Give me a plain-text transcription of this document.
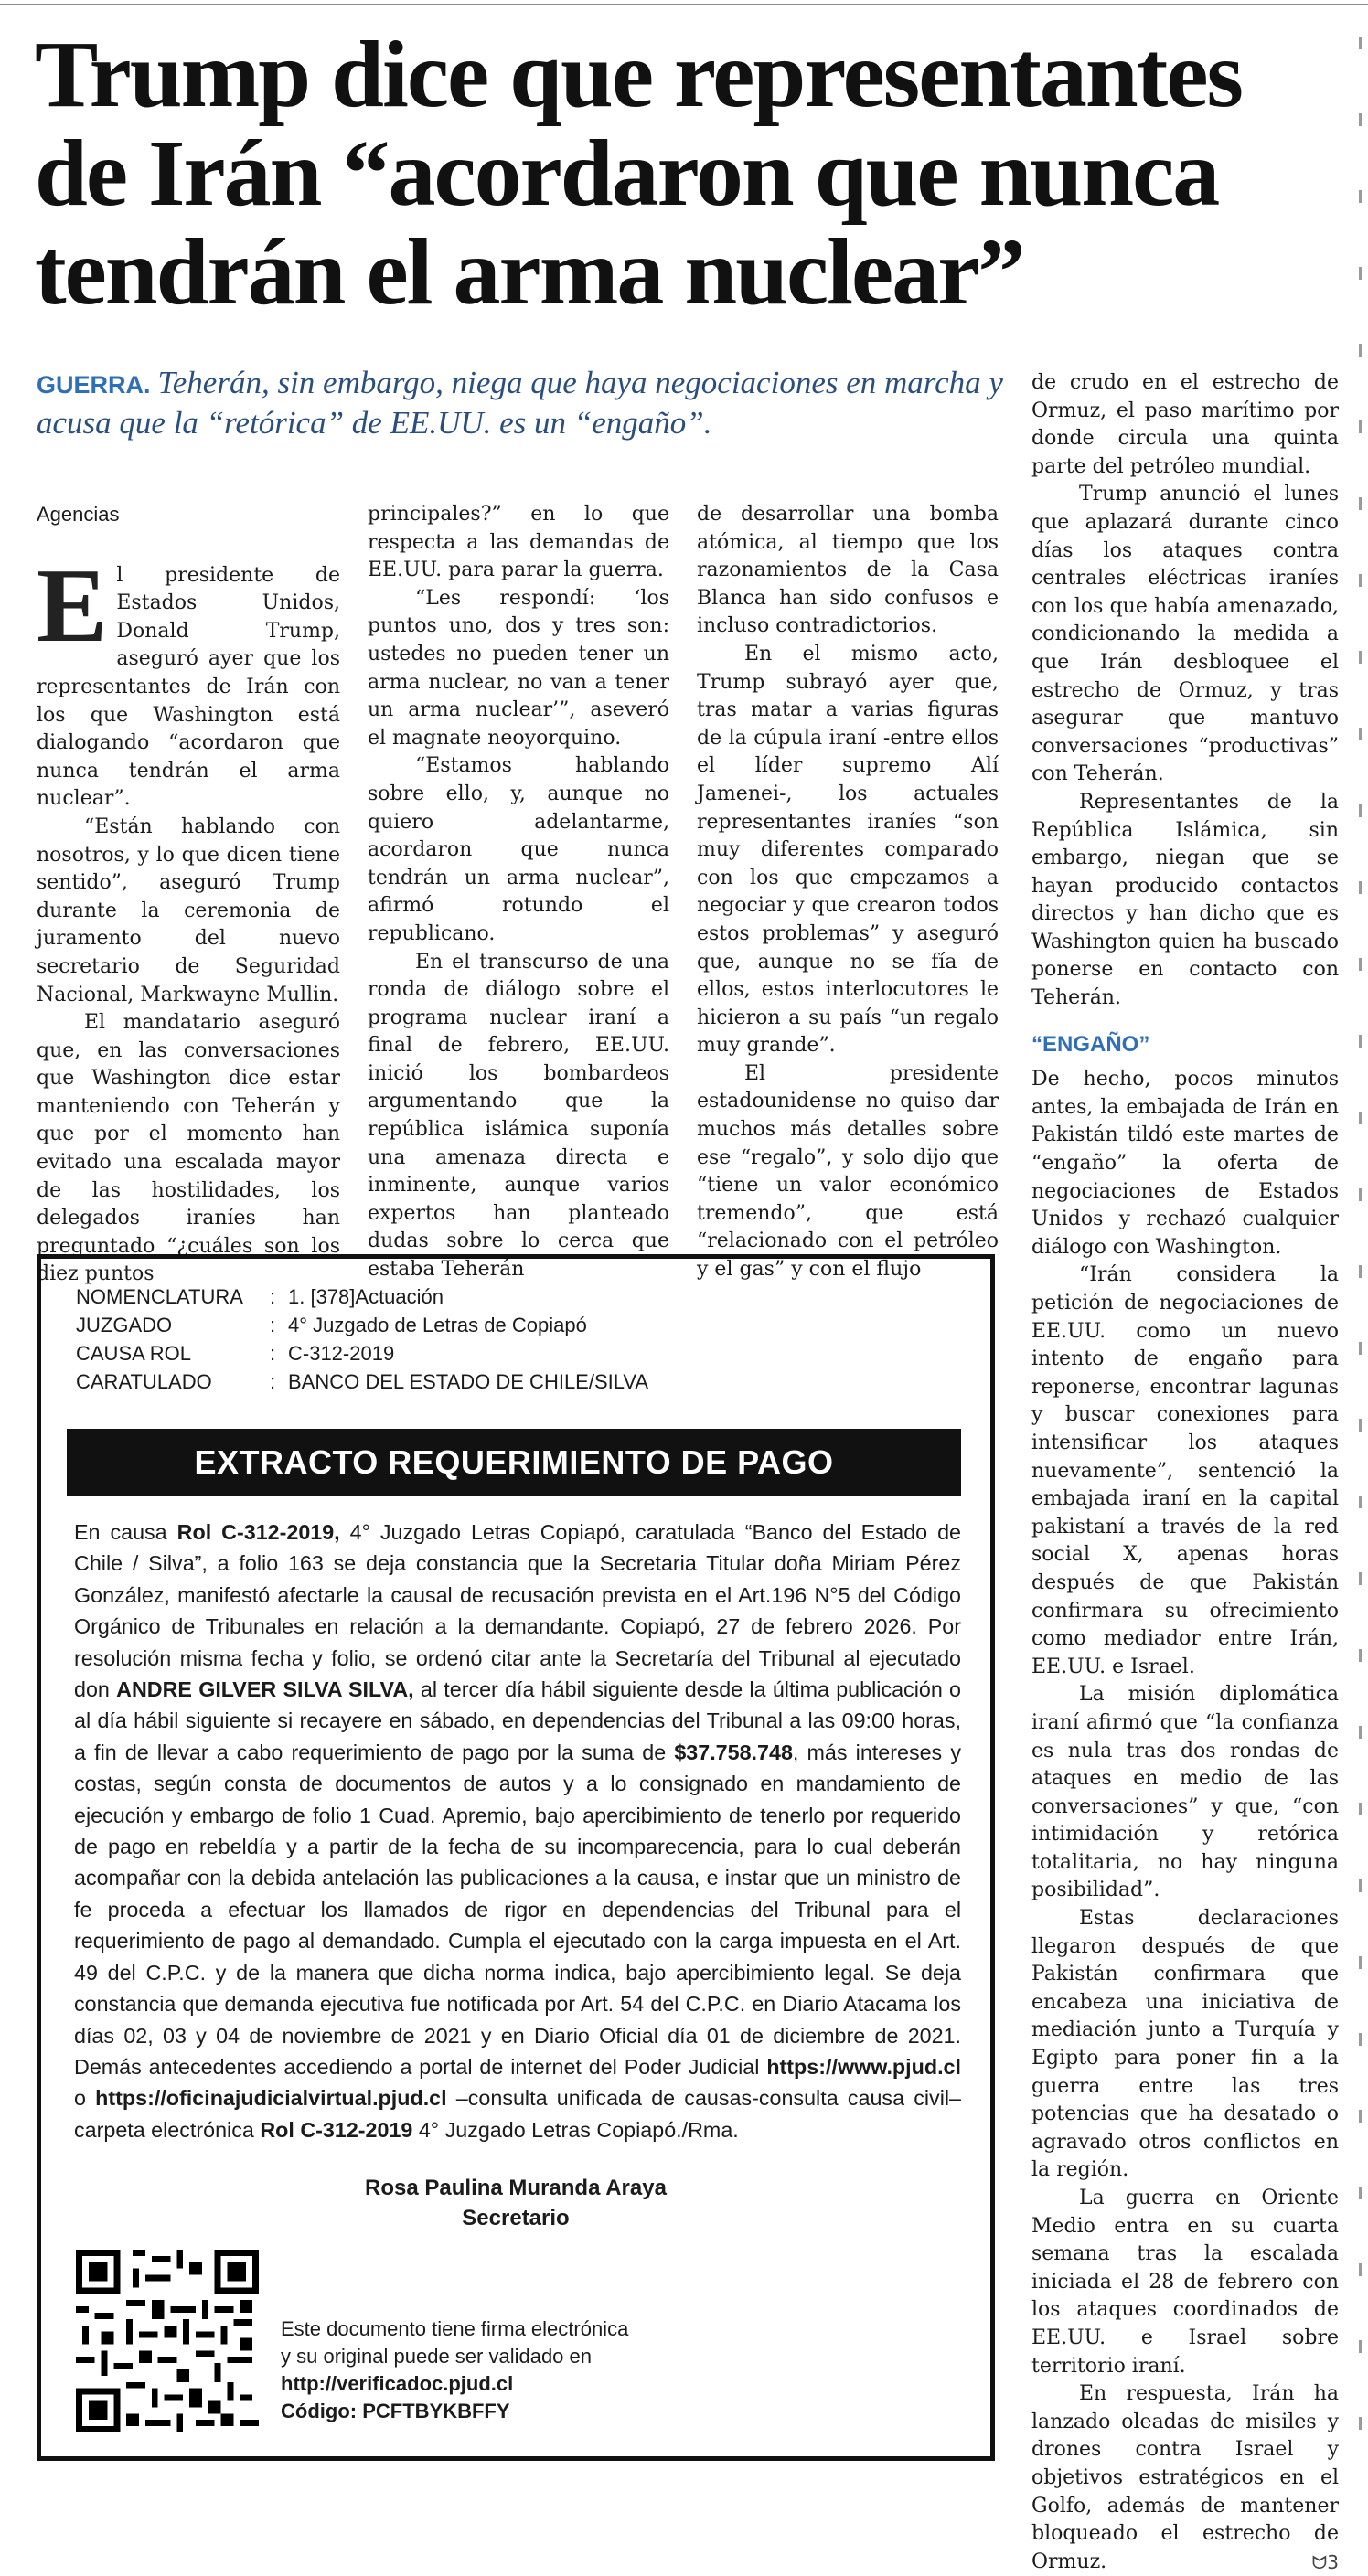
Trump dice que representantes de Irán “acordaron que nunca tendrán el arma nuclear”

GUERRA. Teherán, sin embargo, niega que haya negociaciones en marcha y acusa que la “retórica” de EE.UU. es un “engaño”.

Agencias

El presidente de Estados Unidos, Donald Trump, aseguró ayer que los representantes de Irán con los que Washington está dialogando “acordaron que nunca tendrán el arma nuclear”.

“Están hablando con nosotros, y lo que dicen tiene sentido”, aseguró Trump durante la ceremonia de juramento del nuevo secretario de Seguridad Nacional, Markwayne Mullin.

El mandatario aseguró que, en las conversaciones que Washington dice estar manteniendo con Teherán y que por el momento han evitado una escalada mayor de las hostilidades, los delegados iraníes han preguntado “¿cuáles son los diez puntos

principales?” en lo que respecta a las demandas de EE.UU. para parar la guerra.

“Les respondí: ‘los puntos uno, dos y tres son: ustedes no pueden tener un arma nuclear, no van a tener un arma nuclear’”, aseveró el magnate neoyorquino.

“Estamos hablando sobre ello, y, aunque no quiero adelantarme, acordaron que nunca tendrán un arma nuclear”, afirmó rotundo el republicano.

En el transcurso de una ronda de diálogo sobre el programa nuclear iraní a final de febrero, EE.UU. inició los bombardeos argumentando que la república islámica suponía una amenaza directa e inminente, aunque varios expertos han planteado dudas sobre lo cerca que estaba Teherán

de desarrollar una bomba atómica, al tiempo que los razonamientos de la Casa Blanca han sido confusos e incluso contradictorios.

En el mismo acto, Trump subrayó ayer que, tras matar a varias figuras de la cúpula iraní -entre ellos el líder supremo Alí Jamenei-, los actuales representantes iraníes “son muy diferentes comparado con los que empezamos a negociar y que crearon todos estos problemas” y aseguró que, aunque no se fía de ellos, estos interlocutores le hicieron a su país “un regalo muy grande”.

El presidente estadounidense no quiso dar muchos más detalles sobre ese “regalo”, y solo dijo que “tiene un valor económico tremendo”, que está “relacionado con el petróleo y el gas” y con el flujo

de crudo en el estrecho de Ormuz, el paso marítimo por donde circula una quinta parte del petróleo mundial.

Trump anunció el lunes que aplazará durante cinco días los ataques contra centrales eléctricas iraníes con los que había amenazado, condicionando la medida a que Irán desbloquee el estrecho de Ormuz, y tras asegurar que mantuvo conversaciones “productivas” con Teherán.

Representantes de la República Islámica, sin embargo, niegan que se hayan producido contactos directos y han dicho que es Washington quien ha buscado ponerse en contacto con Teherán.

“ENGAÑO”

De hecho, pocos minutos antes, la embajada de Irán en Pakistán tildó este martes de “engaño” la oferta de negociaciones de Estados Unidos y rechazó cualquier diálogo con Washington.

“Irán considera la petición de negociaciones de EE.UU. como un nuevo intento de engaño para reponerse, encontrar lagunas y buscar conexiones para intensificar los ataques nuevamente”, sentenció la embajada iraní en la capital pakistaní a través de la red social X, apenas horas después de que Pakistán confirmara su ofrecimiento como mediador entre Irán, EE.UU. e Israel.

La misión diplomática iraní afirmó que “la confianza es nula tras dos rondas de ataques en medio de las conversaciones” y que, “con intimidación y retórica totalitaria, no hay ninguna posibilidad”.

Estas declaraciones llegaron después de que Pakistán confirmara que encabeza una iniciativa de mediación junto a Turquía y Egipto para poner fin a la guerra entre las tres potencias que ha desatado o agravado otros conflictos en la región.

La guerra en Oriente Medio entra en su cuarta semana tras la escalada iniciada el 28 de febrero con los ataques coordinados de EE.UU. e Israel sobre territorio iraní.

En respuesta, Irán ha lanzado oleadas de misiles y drones contra Israel y objetivos estratégicos en el Golfo, además de mantener bloqueado el estrecho de Ormuz.	ᗢ3

NOMENCLATURA	: 1. [378]Actuación
JUZGADO	: 4° Juzgado de Letras de Copiapó
CAUSA ROL	: C-312-2019
CARATULADO	: BANCO DEL ESTADO DE CHILE/SILVA
EXTRACTO REQUERIMIENTO DE PAGO
En causa Rol C-312-2019, 4° Juzgado Letras Copiapó, caratulada “Banco del Estado de Chile / Silva”, a folio 163 se deja constancia que la Secretaria Titular doña Miriam Pérez González, manifestó afectarle la causal de recusación prevista en el Art.196 N°5 del Código Orgánico de Tribunales en relación a la demandante. Copiapó, 27 de febrero 2026. Por resolución misma fecha y folio, se ordenó citar ante la Secretaría del Tribunal al ejecutado don ANDRE GILVER SILVA SILVA, al tercer día hábil siguiente desde la última publicación o al día hábil siguiente si recayere en sábado, en dependencias del Tribunal a las 09:00 horas, a fin de llevar a cabo requerimiento de pago por la suma de $37.758.748, más intereses y costas, según consta de documentos de autos y a lo consignado en mandamiento de ejecución y embargo de folio 1 Cuad. Apremio, bajo apercibimiento de tenerlo por requerido de pago en rebeldía y a partir de la fecha de su incomparecencia, para lo cual deberán acompañar con la debida antelación las publicaciones a la causa, e instar que un ministro de fe proceda a efectuar los llamados de rigor en dependencias del Tribunal para el requerimiento de pago al demandado. Cumpla el ejecutado con la carga impuesta en el Art. 49 del C.P.C. y de la manera que dicha norma indica, bajo apercibimiento legal. Se deja constancia que demanda ejecutiva fue notificada por Art. 54 del C.P.C. en Diario Atacama los días 02, 03 y 04 de noviembre de 2021 y en Diario Oficial día 01 de diciembre de 2021. Demás antecedentes accediendo a portal de internet del Poder Judicial https://www.pjud.cl o https://oficinajudicialvirtual.pjud.cl –consulta unificada de causas-consulta causa civil–carpeta electrónica Rol C-312-2019 4° Juzgado Letras Copiapó./Rma.
Rosa Paulina Muranda Araya
Secretario
Este documento tiene firma electrónica
y su original puede ser validado en
http://verificadoc.pjud.cl
Código: PCFTBYKBFFY
